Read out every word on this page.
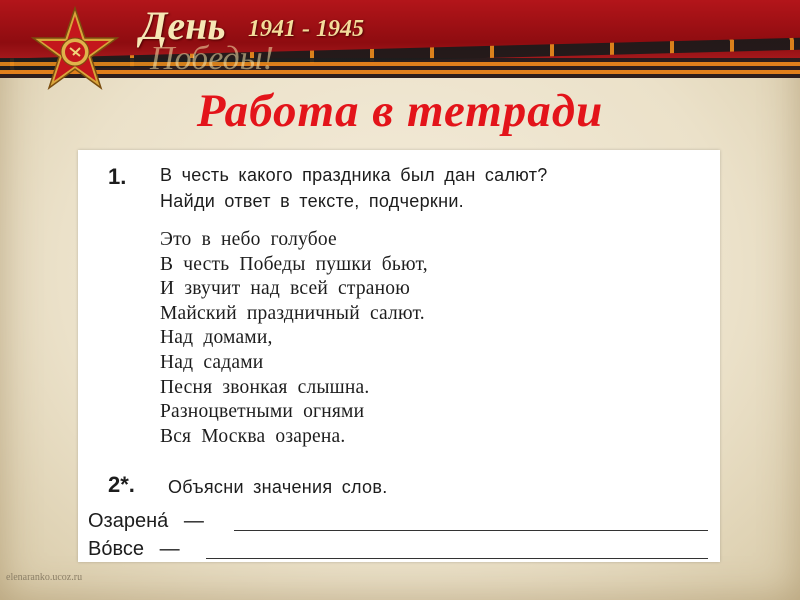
День
Победы!
1941 - 1945
Работа в тетради
1. В честь какого праздника был дан салют?
Найди ответ в тексте, подчеркни.
Это в небо голубое
В честь Победы пушки бьют,
И звучит над всей страною
Майский праздничный салют.
Над домами,
Над садами
Песня звонкая слышна.
Разноцветными огнями
Вся Москва озарена.
2*. Объясни значения слов.
Озарена́ —
Во́все —
elenaranko.ucoz.ru
